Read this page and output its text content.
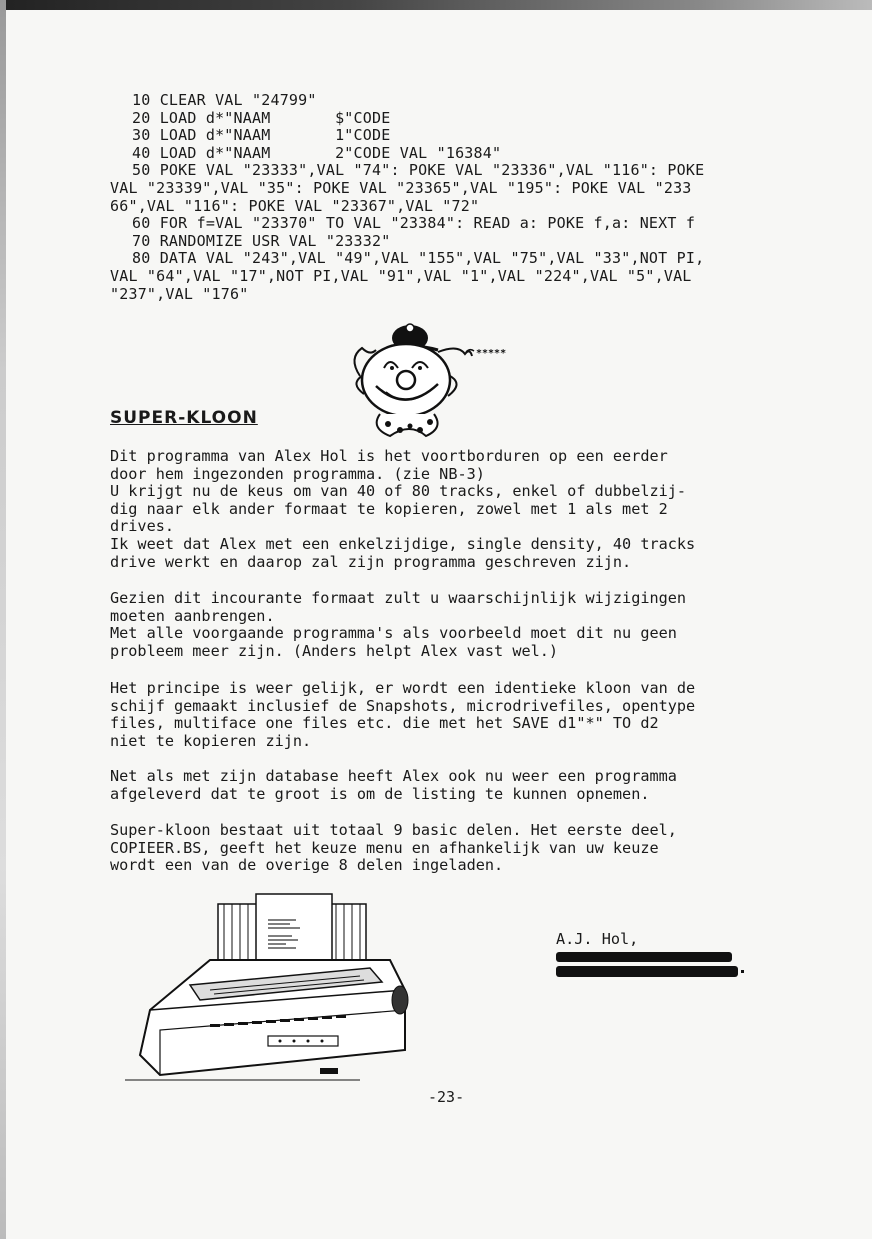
10 CLEAR VAL "24799"
20 LOAD d*"NAAM       $"CODE
30 LOAD d*"NAAM       1"CODE
40 LOAD d*"NAAM       2"CODE VAL "16384"
50 POKE VAL "23333",VAL "74": POKE VAL "23336",VAL "116": POKE
VAL "23339",VAL "35": POKE VAL "23365",VAL "195": POKE VAL "233
66",VAL "116": POKE VAL "23367",VAL "72"
60 FOR f=VAL "23370" TO VAL "23384": READ a: POKE f,a: NEXT f
70 RANDOMIZE USR VAL "23332"
80 DATA VAL "243",VAL "49",VAL "155",VAL "75",VAL "33",NOT PI,
VAL "64",VAL "17",NOT PI,VAL "91",VAL "1",VAL "224",VAL "5",VAL
"237",VAL "176"
*****
SUPER-KLOON

Dit programma van Alex Hol is het voortborduren op een eerder
door hem ingezonden programma. (zie NB-3)
U krijgt nu de keus om van 40 of 80 tracks, enkel of dubbelzij-
dig naar elk ander formaat te kopieren, zowel met 1 als met 2
drives.
Ik weet dat Alex met een enkelzijdige, single density, 40 tracks
drive werkt en daarop zal zijn programma geschreven zijn.

Gezien dit incourante formaat zult u waarschijnlijk wijzigingen
moeten aanbrengen.
Met alle voorgaande programma's als voorbeeld moet dit nu geen
probleem meer zijn. (Anders helpt Alex vast wel.)

Het principe is weer gelijk, er wordt een identieke kloon van de
schijf gemaakt inclusief de Snapshots, microdrivefiles, opentype
files, multiface one files etc. die met het SAVE d1"*" TO d2
niet te kopieren zijn.

Net als met zijn database heeft Alex ook nu weer een programma
afgeleverd dat te groot is om de listing te kunnen opnemen.

Super-kloon bestaat uit totaal 9 basic delen. Het eerste deel,
COPIEER.BS, geeft het keuze menu en afhankelijk van uw keuze
wordt een van de overige 8 delen ingeladen.

A.J. Hol,
-23-
